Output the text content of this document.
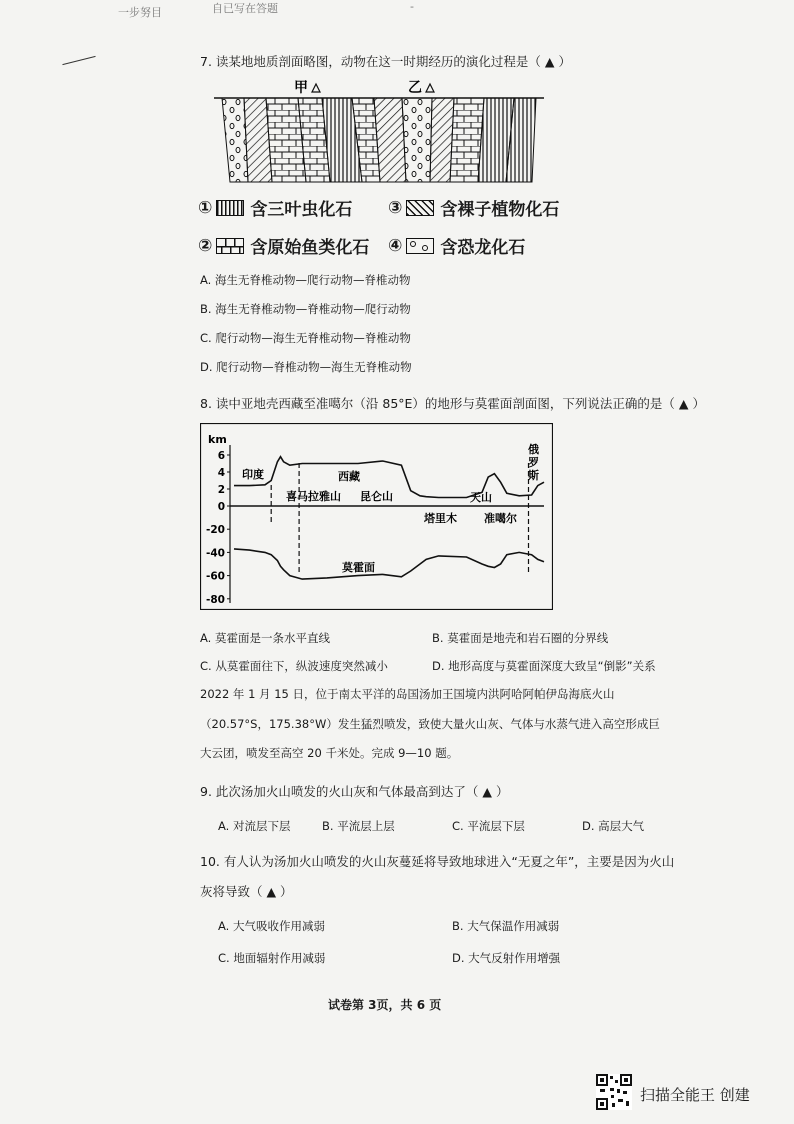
一步努目	自已写在答题	-
7. 读某地地质剖面略图，动物在这一时期经历的演化过程是（ ▲ ）
甲	乙
① 含三叶虫化石 ③ 含裸子植物化石
② 含原始鱼类化石 ④ 含恐龙化石
A. 海生无脊椎动物—爬行动物—脊椎动物
B. 海生无脊椎动物—脊椎动物—爬行动物
C. 爬行动物—海生无脊椎动物—脊椎动物
D. 爬行动物—脊椎动物—海生无脊椎动物
8. 读中亚地壳西藏至准噶尔（沿 85°E）的地形与莫霍面剖面图，下列说法正确的是（ ▲ ）
km
6
4
2
0
-20
-40
-60
-80
印度	西藏
喜马拉雅山 昆仑山	天山
塔里木 准噶尔
莫霍面
俄
罗
斯
A. 莫霍面是一条水平直线	B. 莫霍面是地壳和岩石圈的分界线
C. 从莫霍面往下，纵波速度突然减小	D. 地形高度与莫霍面深度大致呈“倒影”关系
2022 年 1 月 15 日，位于南太平洋的岛国汤加王国境内洪阿哈阿帕伊岛海底火山
（20.57°S，175.38°W）发生猛烈喷发，致使大量火山灰、气体与水蒸气进入高空形成巨
大云团，喷发至高空 20 千米处。完成 9—10 题。
9. 此次汤加火山喷发的火山灰和气体最高到达了（ ▲ ）
A. 对流层下层	B. 平流层上层	C. 平流层下层	D. 高层大气
10. 有人认为汤加火山喷发的火山灰蔓延将导致地球进入“无夏之年”，主要是因为火山
灰将导致（ ▲ ）
A. 大气吸收作用减弱	B. 大气保温作用减弱
C. 地面辐射作用减弱	D. 大气反射作用增强
试卷第 3页，共 6 页
扫描全能王 创建
